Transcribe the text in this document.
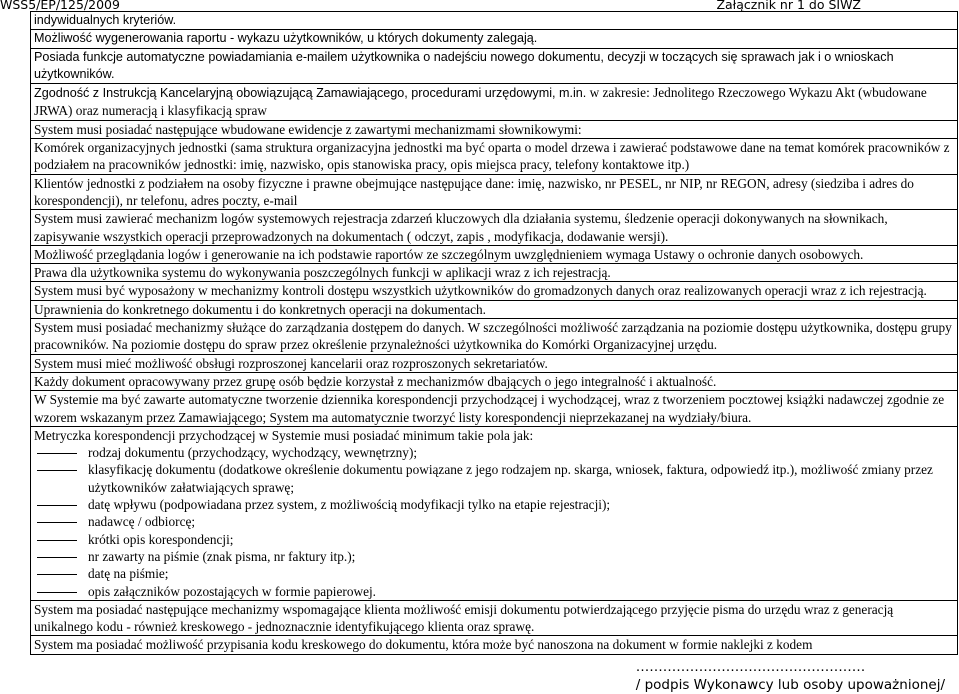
WSS5/EP/125/2009	Załącznik nr 1 do SIWZ
indywidualnych kryteriów.
Możliwość wygenerowania raportu - wykazu użytkowników, u których dokumenty zalegają.
Posiada funkcje automatyczne powiadamiania e-mailem użytkownika o nadejściu nowego dokumentu, decyzji w toczących się sprawach jak i o wnioskach użytkowników.
Zgodność z Instrukcją Kancelaryjną obowiązującą Zamawiającego, procedurami urzędowymi, m.in. w zakresie: Jednolitego Rzeczowego Wykazu Akt (wbudowane JRWA) oraz numeracją i klasyfikacją spraw
System musi posiadać następujące wbudowane ewidencje z zawartymi mechanizmami słownikowymi:
Komórek organizacyjnych jednostki (sama struktura organizacyjna jednostki ma być oparta o model drzewa i zawierać podstawowe dane na temat komórek pracowników z podziałem na pracowników jednostki: imię, nazwisko, opis stanowiska pracy, opis miejsca pracy, telefony kontaktowe itp.)
Klientów jednostki z podziałem na osoby fizyczne i prawne obejmujące następujące dane: imię, nazwisko, nr PESEL, nr NIP, nr REGON, adresy (siedziba i adres do korespondencji), nr telefonu, adres poczty, e-mail
System musi zawierać mechanizm logów systemowych rejestracja zdarzeń kluczowych dla działania systemu, śledzenie operacji dokonywanych na słownikach, zapisywanie wszystkich operacji przeprowadzonych na dokumentach ( odczyt, zapis , modyfikacja, dodawanie wersji).
Możliwość przeglądania logów i generowanie na ich podstawie raportów ze szczególnym uwzględnieniem wymaga Ustawy o ochronie danych osobowych.
Prawa dla użytkownika systemu do wykonywania poszczególnych funkcji w aplikacji wraz z ich rejestracją.
System musi być wyposażony w mechanizmy kontroli dostępu wszystkich użytkowników do gromadzonych danych oraz realizowanych operacji wraz z ich rejestracją.
Uprawnienia do konkretnego dokumentu i do konkretnych operacji na dokumentach.
System musi posiadać mechanizmy służące do zarządzania dostępem do danych. W szczególności możliwość zarządzania na poziomie dostępu użytkownika, dostępu grupy pracowników. Na poziomie dostępu do spraw przez określenie przynależności użytkownika do Komórki Organizacyjnej urzędu.
System musi mieć możliwość obsługi rozproszonej kancelarii oraz rozproszonych sekretariatów.
Każdy dokument opracowywany przez grupę osób będzie korzystał z mechanizmów dbających o jego integralność i aktualność.
W Systemie ma być zawarte automatyczne tworzenie dziennika korespondencji przychodzącej i wychodzącej, wraz z tworzeniem pocztowej książki nadawczej zgodnie ze wzorem wskazanym przez Zamawiającego; System ma automatycznie tworzyć listy korespondencji nieprzekazanej na wydziały/biura.

Metryczka korespondencji przychodzącej w Systemie musi posiadać minimum takie pola jak:
rodzaj dokumentu (przychodzący, wychodzący, wewnętrzny);
klasyfikację dokumentu (dodatkowe określenie dokumentu powiązane z jego rodzajem np. skarga, wniosek, faktura, odpowiedź itp.), możliwość zmiany przez użytkowników załatwiających sprawę;
datę wpływu (podpowiadana przez system, z możliwością modyfikacji tylko na etapie rejestracji);
nadawcę / odbiorcę;
krótki opis korespondencji;
nr zawarty na piśmie (znak pisma, nr faktury itp.);
datę na piśmie;
opis załączników pozostających w formie papierowej.

System ma posiadać następujące mechanizmy wspomagające klienta możliwość emisji dokumentu potwierdzającego przyjęcie pisma do urzędu wraz z generacją unikalnego kodu - również kreskowego - jednoznacznie identyfikującego klienta oraz sprawę.
System ma posiadać możliwość przypisania kodu kreskowego do dokumentu, która może być nanoszona na dokument w formie naklejki z kodem
……………………………………………
/ podpis Wykonawcy lub osoby upoważnionej/
